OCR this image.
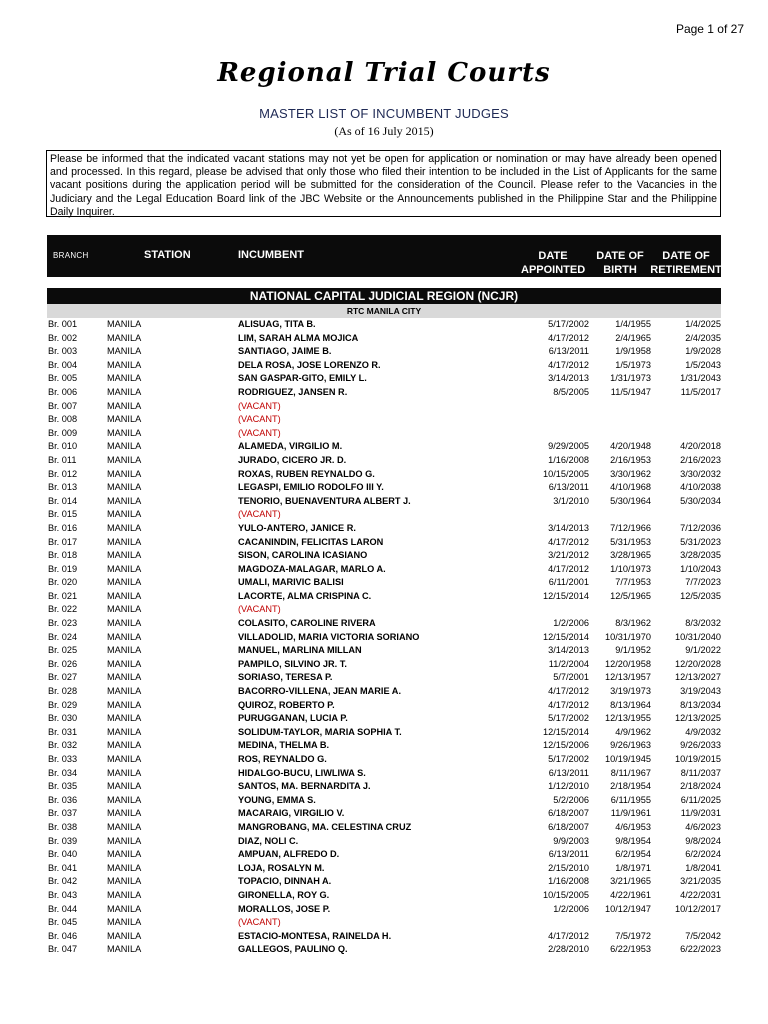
Page 1 of 27
Regional Trial Courts
MASTER LIST OF INCUMBENT JUDGES
(As of 16 July 2015)
Please be informed that the indicated vacant stations may not yet be open for application or nomination or may have already been opened and processed. In this regard, please be advised that only those who filed their intention to be included in the List of Applicants for the same vacant positions during the application period will be submitted for the consideration of the Council. Please refer to the Vacancies in the Judiciary and the Legal Education Board link of the JBC Website or the Announcements published in the Philippine Star and the Philippine Daily Inquirer.
BRANCH	STATION	INCUMBENT	DATE
APPOINTED
DATE OF
BIRTH
DATE OF
RETIREMENT
NATIONAL CAPITAL JUDICIAL REGION (NCJR)
RTC MANILA CITY
Br. 001	MANILA	ALISUAG, TITA B.	5/17/2002	1/4/1955	1/4/2025
Br. 002	MANILA	LIM, SARAH ALMA MOJICA	4/17/2012	2/4/1965	2/4/2035
Br. 003	MANILA	SANTIAGO, JAIME B.	6/13/2011	1/9/1958	1/9/2028
Br. 004	MANILA	DELA ROSA, JOSE LORENZO R.	4/17/2012	1/5/1973	1/5/2043
Br. 005	MANILA	SAN GASPAR-GITO, EMILY L.	3/14/2013 1/31/1973	1/31/2043
Br. 006	MANILA	RODRIGUEZ, JANSEN R.	8/5/2005 11/5/1947	11/5/2017
Br. 007	MANILA	(VACANT)
Br. 008	MANILA	(VACANT)
Br. 009	MANILA	(VACANT)
Br. 010	MANILA	ALAMEDA, VIRGILIO M.	9/29/2005 4/20/1948	4/20/2018
Br. 011	MANILA	JURADO, CICERO JR. D.	1/16/2008 2/16/1953	2/16/2023
Br. 012	MANILA	ROXAS, RUBEN REYNALDO G.	10/15/2005 3/30/1962	3/30/2032
Br. 013	MANILA	LEGASPI, EMILIO RODOLFO III Y.	6/13/2011 4/10/1968	4/10/2038
Br. 014	MANILA	TENORIO, BUENAVENTURA ALBERT J.	3/1/2010 5/30/1964	5/30/2034
Br. 015	MANILA	(VACANT)
Br. 016	MANILA	YULO-ANTERO, JANICE R.	3/14/2013 7/12/1966	7/12/2036
Br. 017	MANILA	CACANINDIN, FELICITAS LARON	4/17/2012 5/31/1953	5/31/2023
Br. 018	MANILA	SISON, CAROLINA ICASIANO	3/21/2012 3/28/1965	3/28/2035
Br. 019	MANILA	MAGDOZA-MALAGAR, MARLO A.	4/17/2012 1/10/1973	1/10/2043
Br. 020	MANILA	UMALI, MARIVIC BALISI	6/11/2001	7/7/1953	7/7/2023
Br. 021	MANILA	LACORTE, ALMA CRISPINA C.	12/15/2014 12/5/1965	12/5/2035
Br. 022	MANILA	(VACANT)
Br. 023	MANILA	COLASITO, CAROLINE RIVERA	1/2/2006	8/3/1962	8/3/2032
Br. 024	MANILA	VILLADOLID, MARIA VICTORIA SORIANO	12/15/2014 10/31/1970	10/31/2040
Br. 025	MANILA	MANUEL, MARLINA MILLAN	3/14/2013	9/1/1952	9/1/2022
Br. 026	MANILA	PAMPILO, SILVINO JR. T.	11/2/2004 12/20/1958	12/20/2028
Br. 027	MANILA	SORIASO, TERESA P.	5/7/2001 12/13/1957	12/13/2027
Br. 028	MANILA	BACORRO-VILLENA, JEAN MARIE A.	4/17/2012 3/19/1973	3/19/2043
Br. 029	MANILA	QUIROZ, ROBERTO P.	4/17/2012 8/13/1964	8/13/2034
Br. 030	MANILA	PURUGGANAN, LUCIA P.	5/17/2002 12/13/1955	12/13/2025
Br. 031	MANILA	SOLIDUM-TAYLOR, MARIA SOPHIA T.	12/15/2014	4/9/1962	4/9/2032
Br. 032	MANILA	MEDINA, THELMA B.	12/15/2006 9/26/1963	9/26/2033
Br. 033	MANILA	ROS, REYNALDO G.	5/17/2002 10/19/1945	10/19/2015
Br. 034	MANILA	HIDALGO-BUCU, LIWLIWA S.	6/13/2011 8/11/1967	8/11/2037
Br. 035	MANILA	SANTOS, MA. BERNARDITA J.	1/12/2010 2/18/1954	2/18/2024
Br. 036	MANILA	YOUNG, EMMA S.	5/2/2006 6/11/1955	6/11/2025
Br. 037	MANILA	MACARAIG, VIRGILIO V.	6/18/2007 11/9/1961	11/9/2031
Br. 038	MANILA	MANGROBANG, MA. CELESTINA CRUZ	6/18/2007	4/6/1953	4/6/2023
Br. 039	MANILA	DIAZ, NOLI C.	9/9/2003	9/8/1954	9/8/2024
Br. 040	MANILA	AMPUAN, ALFREDO D.	6/13/2011	6/2/1954	6/2/2024
Br. 041	MANILA	LOJA, ROSALYN M.	2/15/2010	1/8/1971	1/8/2041
Br. 042	MANILA	TOPACIO, DINNAH A.	1/16/2008 3/21/1965	3/21/2035
Br. 043	MANILA	GIRONELLA, ROY G.	10/15/2005 4/22/1961	4/22/2031
Br. 044	MANILA	MORALLOS, JOSE P.	1/2/2006 10/12/1947	10/12/2017
Br. 045	MANILA	(VACANT)
Br. 046	MANILA	ESTACIO-MONTESA, RAINELDA H.	4/17/2012	7/5/1972	7/5/2042
Br. 047	MANILA	GALLEGOS, PAULINO Q.	2/28/2010 6/22/1953	6/22/2023
